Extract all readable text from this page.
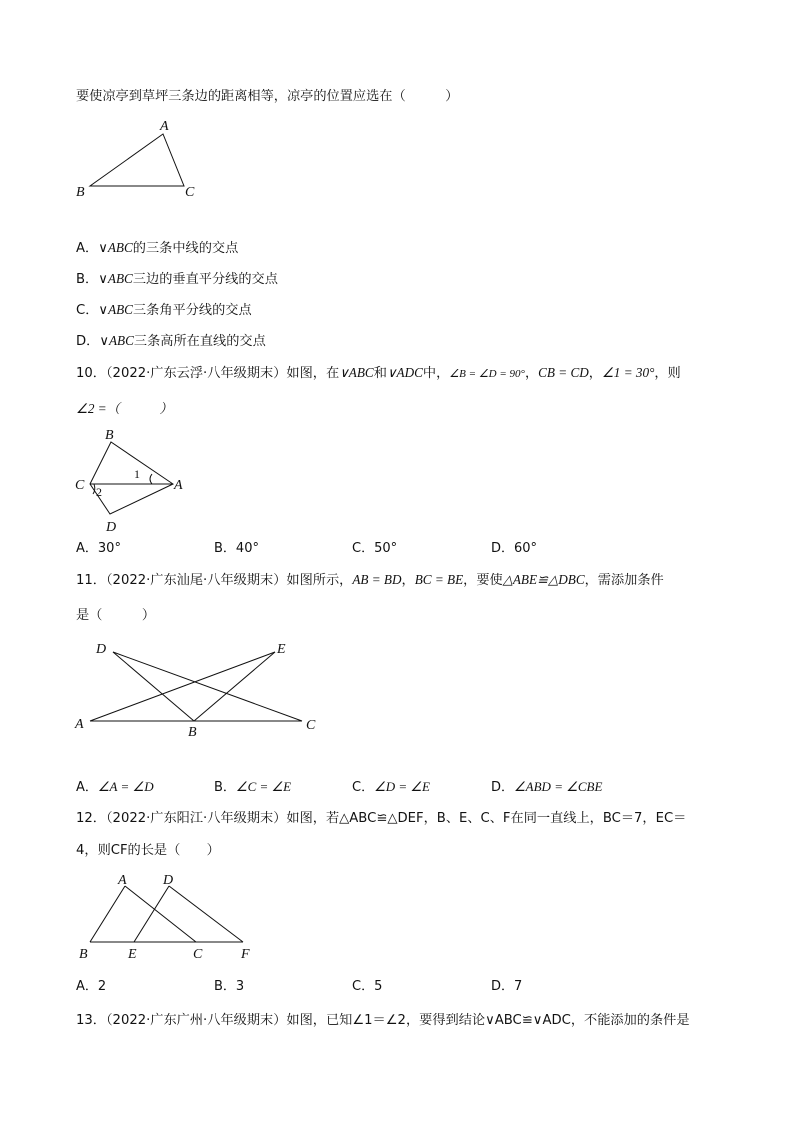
要使凉亭到草坪三条边的距离相等，凉亭的位置应选在（　　　）
A
B	C
A．∨ABC的三条中线的交点
B．∨ABC三边的垂直平分线的交点
C．∨ABC三条角平分线的交点
D．∨ABC三条高所在直线的交点
10．（2022·广东云浮·八年级期末）如图，在∨ABC和∨ADC中，∠B = ∠D = 90°，CB = CD，∠1 = 30°，则
∠2 =（　　　）
B
C	A
D
1
2
A．30°	B．40°	C．50°	D．60°
11．（2022·广东汕尾·八年级期末）如图所示，AB = BD，BC = BE，要使△ABE≌△DBC，需添加条件
是（　　　）
D	E
A
B	C
A．∠A = ∠D	B．∠C = ∠E	C．∠D = ∠E	D．∠ABD = ∠CBE
12．（2022·广东阳江·八年级期末）如图，若△ABC≌△DEF，B、E、C、F在同一直线上，BC＝7，EC＝
4，则CF的长是（　　）
A	D
B	E	C	F
A．2	B．3	C．5	D．7
13．（2022·广东广州·八年级期末）如图，已知∠1＝∠2，要得到结论∨ABC≌∨ADC，不能添加的条件是
